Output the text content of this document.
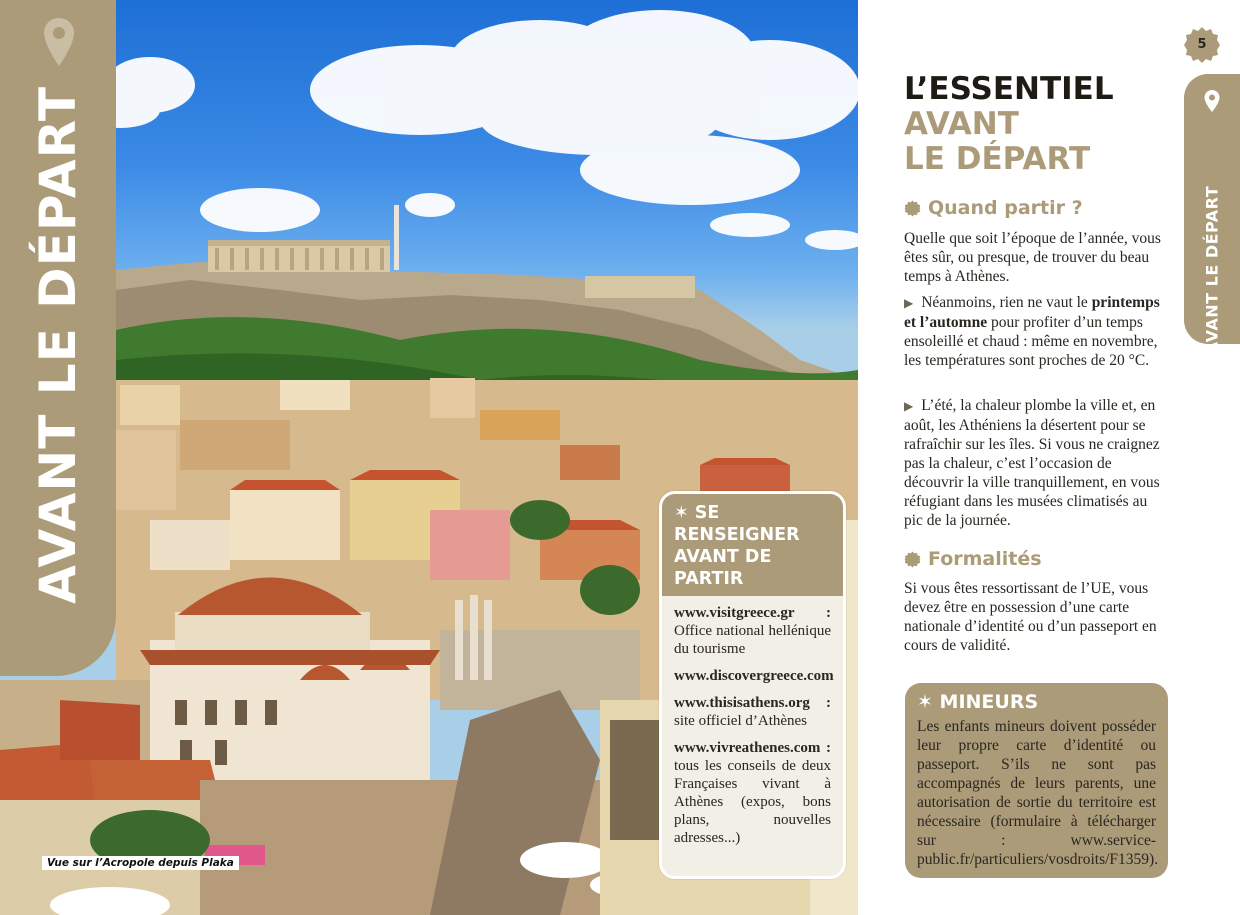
AVANT LE DÉPART
Vue sur l’Acropole depuis Plaka
✶ SE RENSEIGNER AVANT DE PARTIR
www.visitgreece.gr : Office national hellénique du tourisme
www.discovergreece.com
www.thisisathens.org : site officiel d’Athènes
www.vivreathenes.com : tous les conseils de deux Françaises vivant à Athènes (expos, bons plans, nouvelles adresses...)
5
AVANT LE DÉPART
L’ESSENTIEL
AVANT
LE DÉPART
Quand partir ?

Quelle que soit l’époque de l’année, vous êtes sûr, ou presque, de trouver du beau temps à Athènes.

▶ Néanmoins, rien ne vaut le printemps et l’automne pour profiter d’un temps ensoleillé et chaud : même en novembre, les températures sont proches de 20 °C.

▶ L’été, la chaleur plombe la ville et, en août, les Athéniens la désertent pour se rafraîchir sur les îles. Si vous ne craignez pas la chaleur, c’est l’occasion de découvrir la ville tranquillement, en vous réfugiant dans les musées climatisés au pic de la journée.

Formalités

Si vous êtes ressortissant de l’UE, vous devez être en possession d’une carte nationale d’identité ou d’un passeport en cours de validité.

✶ MINEURS

Les enfants mineurs doivent posséder leur propre carte d’identité ou passeport. S’ils ne sont pas accompagnés de leurs parents, une autorisation de sortie du territoire est nécessaire (formulaire à télécharger sur : www.service-public.fr/particuliers/vosdroits/F1359).
